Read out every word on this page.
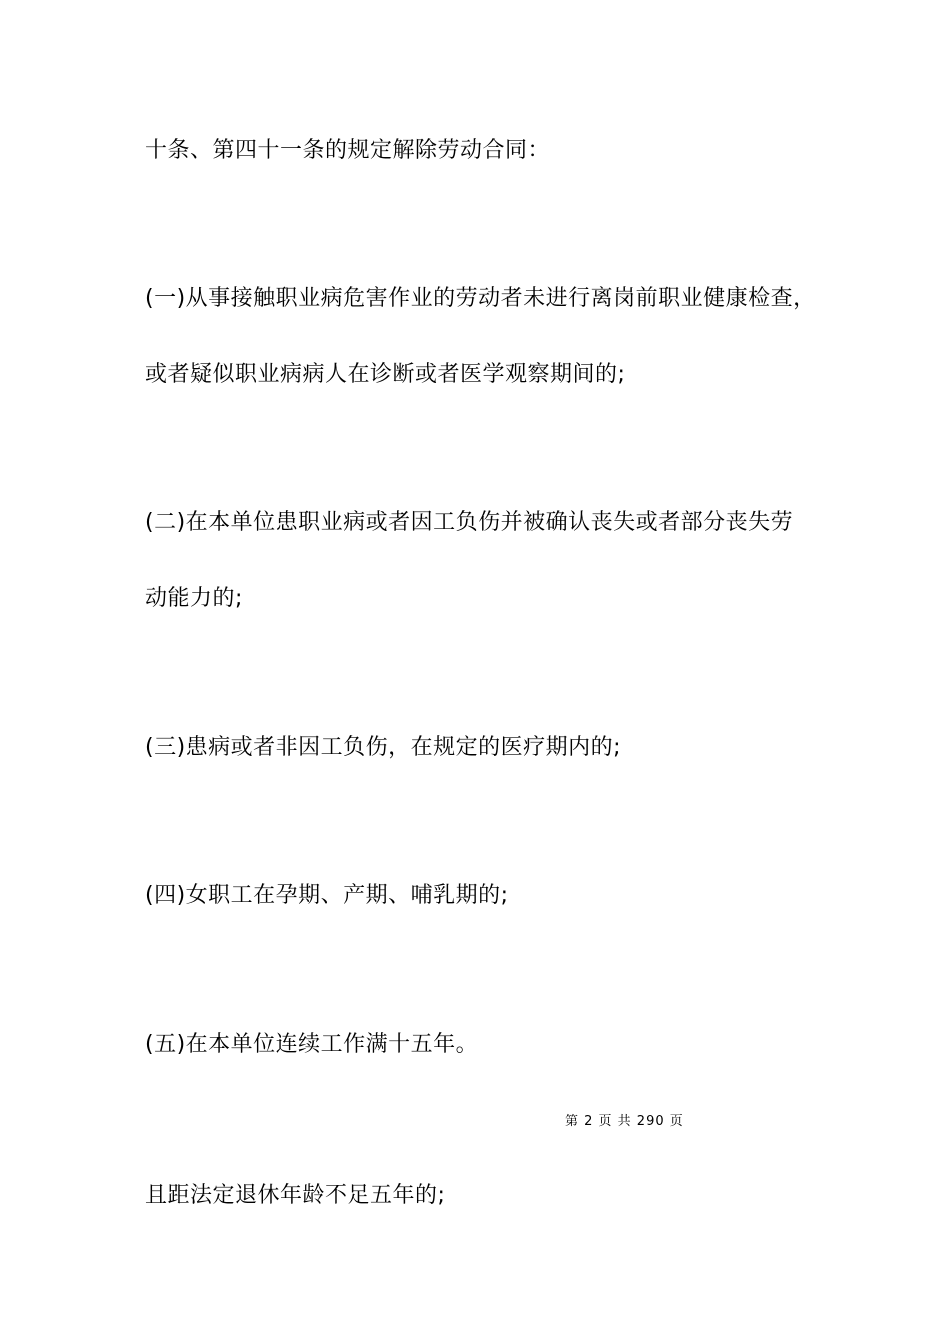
十条、第四十一条的规定解除劳动合同：
(一)从事接触职业病危害作业的劳动者未进行离岗前职业健康检查，
或者疑似职业病病人在诊断或者医学观察期间的;
(二)在本单位患职业病或者因工负伤并被确认丧失或者部分丧失劳
动能力的;
(三)患病或者非因工负伤，在规定的医疗期内的;
(四)女职工在孕期、产期、哺乳期的;
(五)在本单位连续工作满十五年。
第 2 页 共 290 页
且距法定退休年龄不足五年的;
